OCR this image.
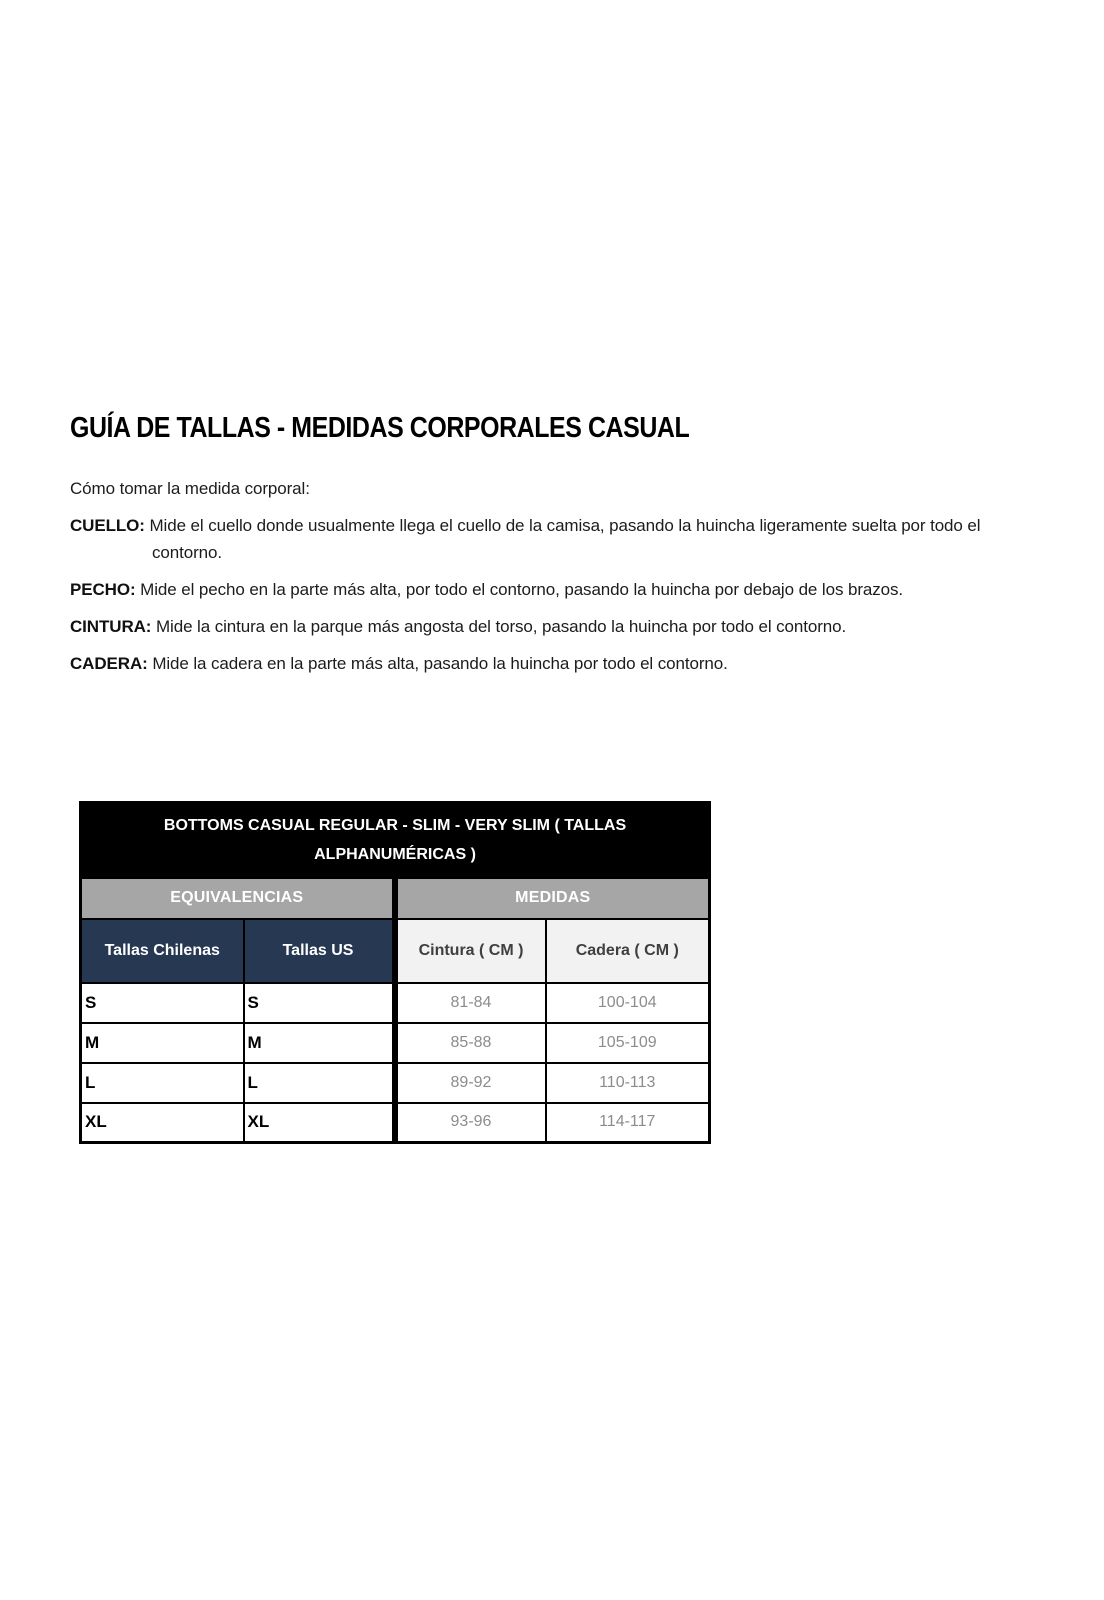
GUÍA DE TALLAS - MEDIDAS CORPORALES CASUAL

Cómo tomar la medida corporal:

CUELLO: Mide el cuello donde usualmente llega el cuello de la camisa, pasando la huincha ligeramente suelta por todo el contorno.

PECHO: Mide el pecho en la parte más alta, por todo el contorno, pasando la huincha por debajo de los brazos.

CINTURA: Mide la cintura en la parque más angosta del torso, pasando la huincha por todo el contorno.

CADERA: Mide la cadera en la parte más alta, pasando la huincha por todo el contorno.

BOTTOMS CASUAL REGULAR - SLIM - VERY SLIM ( TALLAS ALPHANUMÉRICAS )			
EQUIVALENCIAS		MEDIDAS	
Tallas Chilenas	Tallas US	Cintura ( CM )	Cadera ( CM )
S	S	81-84	100-104
M	M	85-88	105-109
L	L	89-92	110-113
XL	XL	93-96	114-117
